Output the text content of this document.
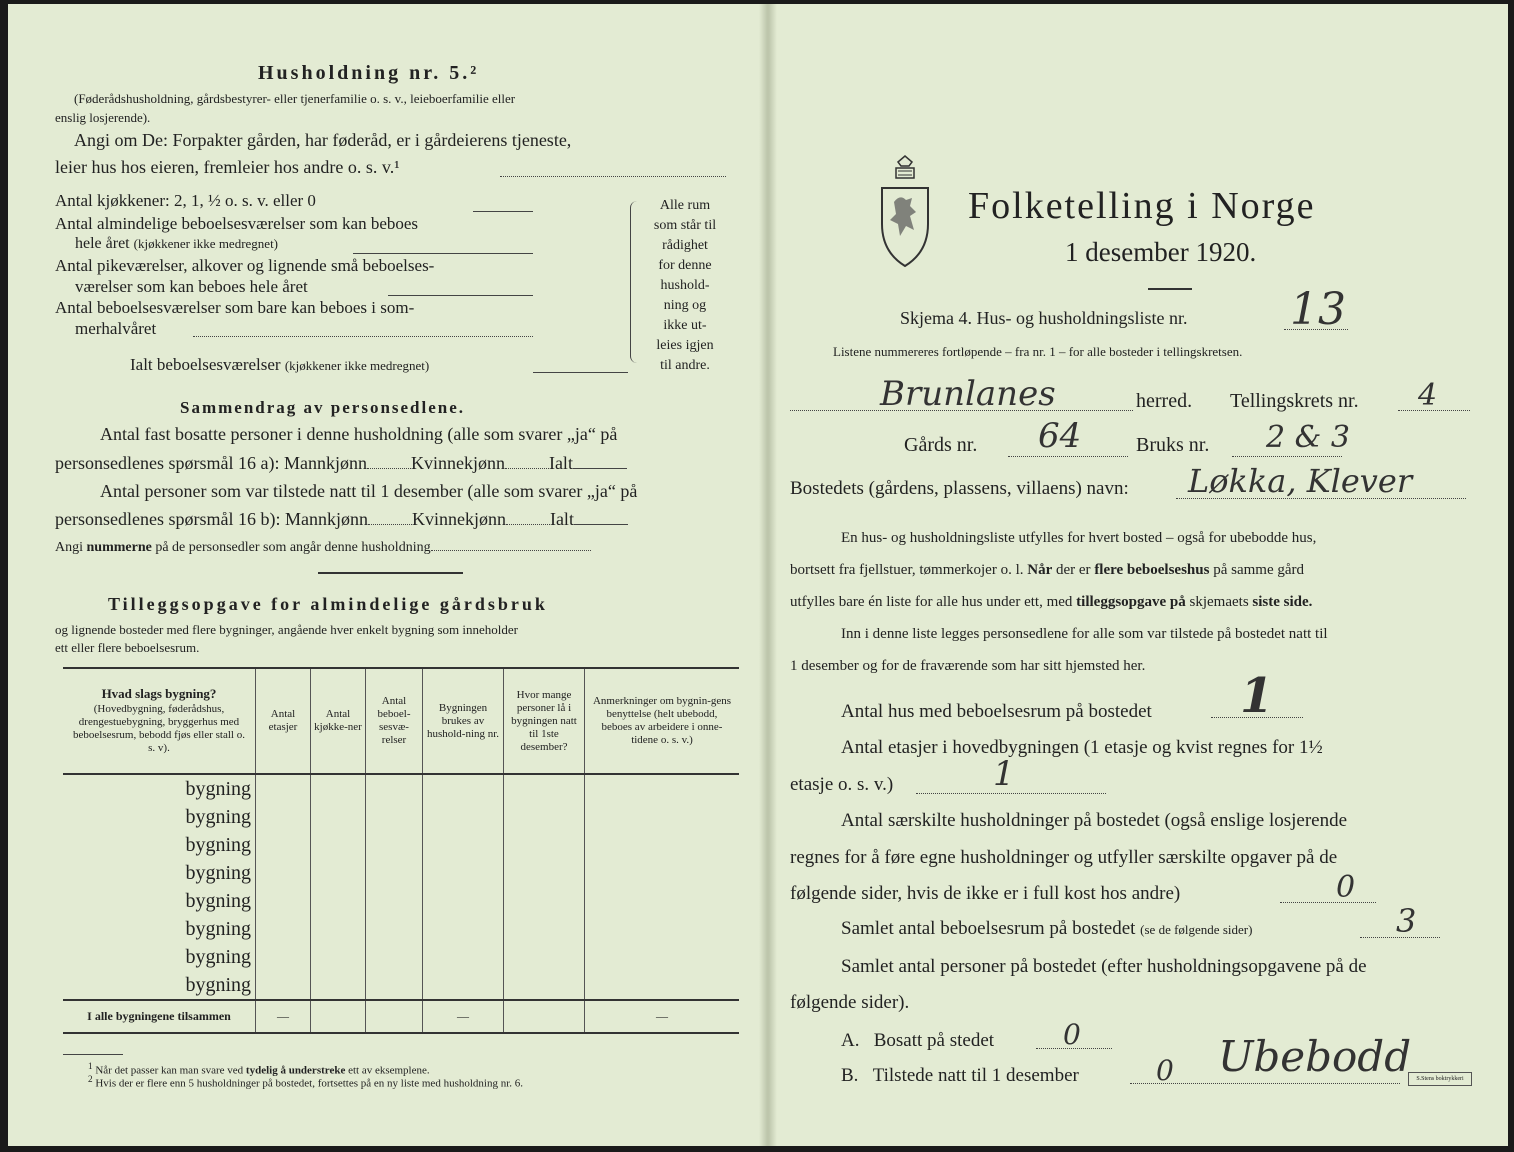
Husholdning nr. 5.²
(Føderådshusholdning, gårdsbestyrer- eller tjenerfamilie o. s. v., leieboerfamilie eller
enslig losjerende).
Angi om De: Forpakter gården, har føderåd, er i gårdeierens tjeneste,
leier hus hos eieren, fremleier hos andre o. s. v.¹
Antal kjøkkener: 2, 1, ½ o. s. v. eller 0
Antal almindelige beboelsesværelser som kan beboes
hele året (kjøkkener ikke medregnet)
Antal pikeværelser, alkover og lignende små beboelses-
værelser som kan beboes hele året
Antal beboelsesværelser som bare kan beboes i som-
merhalvåret
Ialt beboelsesværelser (kjøkkener ikke medregnet)
Alle rum
som står til
rådighet
for denne
hushold-
ning og
ikke ut-
leies igjen
til andre.
Sammendrag av personsedlene.
Antal fast bosatte personer i denne husholdning (alle som svarer „ja“ på
personsedlenes spørsmål 16 a): Mannkjønn Kvinnekjønn Ialt
Antal personer som var tilstede natt til 1 desember (alle som svarer „ja“ på
personsedlenes spørsmål 16 b): Mannkjønn Kvinnekjønn Ialt
Angi nummerne på de personsedler som angår denne husholdning
Tilleggsopgave for almindelige gårdsbruk
og lignende bosteder med flere bygninger, angående hver enkelt bygning som inneholder
ett eller flere beboelsesrum.
Hvad slags bygning?
(Hovedbygning, føderådshus, drengestuebygning, bryggerhus med beboelsesrum, bebodd fjøs eller stall o. s. v).	Antal etasjer	Antal kjøkke-ner	Antal beboel-sesvæ-relser	Bygningen brukes av hushold-ning nr.	Hvor mange personer lå i bygningen natt til 1ste desember?	Anmerkninger om bygnin-gens benyttelse (helt ubebodd, beboes av arbeidere i onne-tidene o. s. v.)
bygning						
bygning						
bygning						
bygning						
bygning						
bygning						
bygning						
bygning						
I alle bygningene tilsammen	—			—		—
$^1$ Når det passer kan man svare ved tydelig å understreke ett av eksemplene.
$^2$ Hvis der er flere enn 5 husholdninger på bostedet, fortsettes på en ny liste med husholdning nr. 6.
Folketelling i Norge
1 desember 1920.
Skjema 4. Hus- og husholdningsliste nr. 13
Listene nummereres fortløpende – fra nr. 1 – for alle bosteder i tellingskretsen.
Brunlanes	herred. Tellingskrets nr. 4
Gårds nr. 64	Bruks nr. 2 & 3
Bostedets (gårdens, plassens, villaens) navn: Løkka, Klever
En hus- og husholdningsliste utfylles for hvert bosted – også for ubebodde hus,
bortsett fra fjellstuer, tømmerkojer o. l. Når der er flere beboelseshus på samme gård
utfylles bare én liste for alle hus under ett, med tilleggsopgave på skjemaets siste side.
Inn i denne liste legges personsedlene for alle som var tilstede på bostedet natt til
1 desember og for de fraværende som har sitt hjemsted her.
Antal hus med beboelsesrum på bostedet 1
Antal etasjer i hovedbygningen (1 etasje og kvist regnes for 1½
etasje o. s. v.)	1
Antal særskilte husholdninger på bostedet (også enslige losjerende
regnes for å føre egne husholdninger og utfyller særskilte opgaver på de
følgende sider, hvis de ikke er i full kost hos andre)	0
Samlet antal beboelsesrum på bostedet (se de følgende sider)	3
Samlet antal personer på bostedet (efter husholdningsopgavene på de
følgende sider).
A. Bosatt på stedet 0
B. Tilstede natt til 1 desember	0 Ubebodd S.Stens boktrykkeri
